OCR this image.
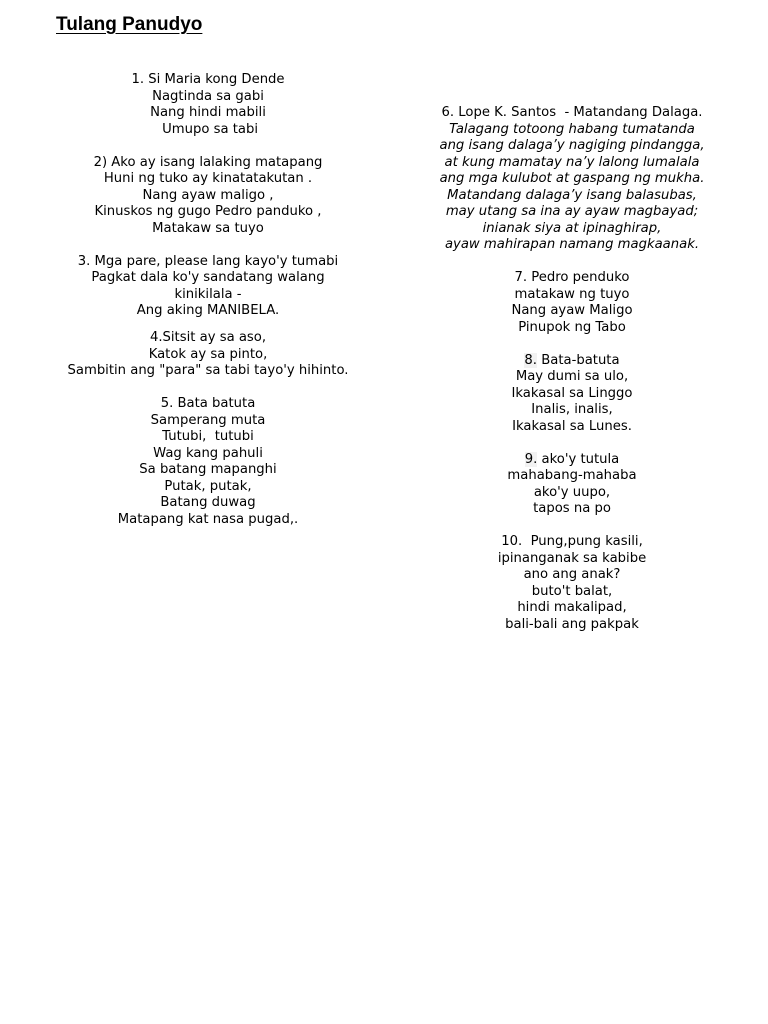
Tulang Panudyo
1. Si Maria kong Dende
Nagtinda sa gabi
Nang hindi mabili
Umupo sa tabi
2) Ako ay isang lalaking matapang
Huni ng tuko ay kinatatakutan .
Nang ayaw maligo ,
Kinuskos ng gugo Pedro panduko ,
Matakaw sa tuyo
3. Mga pare, please lang kayo'y tumabi
Pagkat dala ko'y sandatang walang
kinikilala -
Ang aking MANIBELA.
4.Sitsit ay sa aso,
Katok ay sa pinto,
Sambitin ang "para" sa tabi tayo'y hihinto.
5. Bata batuta
Samperang muta
Tutubi,  tutubi
Wag kang pahuli
Sa batang mapanghi
Putak, putak,
Batang duwag
Matapang kat nasa pugad,.
6. Lope K. Santos  - Matandang Dalaga.
Talagang totoong habang tumatanda
ang isang dalaga’y nagiging pindangga,
at kung mamatay na’y lalong lumalala
ang mga kulubot at gaspang ng mukha.
Matandang dalaga’y isang balasubas,
may utang sa ina ay ayaw magbayad;
inianak siya at ipinaghirap,
ayaw mahirapan namang magkaanak.
7. Pedro penduko
matakaw ng tuyo
Nang ayaw Maligo
Pinupok ng Tabo
8. Bata-batuta
May dumi sa ulo,
Ikakasal sa Linggo
Inalis, inalis,
Ikakasal sa Lunes.
9. ako'y tutula
mahabang-mahaba
ako'y uupo,
tapos na po
10.  Pung,pung kasili,
ipinanganak sa kabibe
ano ang anak?
buto't balat,
hindi makalipad,
bali-bali ang pakpak
